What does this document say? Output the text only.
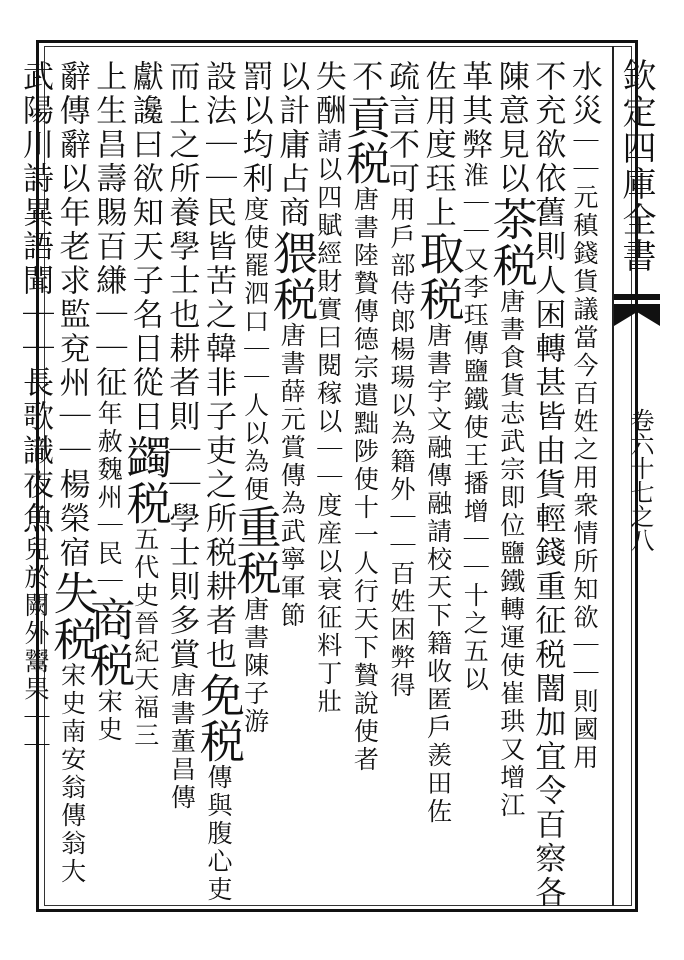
欽定四庫全書
卷六十七之八
水災｜｜元稹錢貨議當今百姓之用衆情所知欲｜｜則國用
不充欲依舊則人困轉甚皆由貨輕錢重征税闇加宜令百察各
陳意見以茶税唐書食貨志武宗即位鹽鐵轉運使崔珙又增江
革其弊淮｜｜又李珏傳鹽鐵使王播增｜｜十之五以
佐用度珏上取税唐書宇文融傳融請校天下籍收匿戶羨田佐
疏言不可用戶部侍郎楊瑒以為籍外｜｜百姓困弊得
不貢税唐書陸贄傳德宗遣黜陟使十一人行天下贄說使者
失酬請以四賦經財實曰閱稼以｜｜度産以衰征料丁壯
以計庸占商猥税唐書薛元賞傳為武寧軍節
罰以均利度使罷泗口｜｜人以為便重税唐書陳子游
設法｜｜民皆苦之韓非子吏之所税耕者也免税傳與腹心吏
而上之所養學士也耕者則｜｜學士則多賞唐書董昌傳
獻讒曰欲知天子名日從日蠲税五代史晉紀天福三
上生昌壽賜百縑｜｜征年赦魏州｜民｜商税宋史
辭傳辭以年老求監兗州｜｜楊榮宿失税宋史南安翁傳翁大
武陽川詩異語聞｜｜長歌識夜魚兒於闕外鬻果｜｜
